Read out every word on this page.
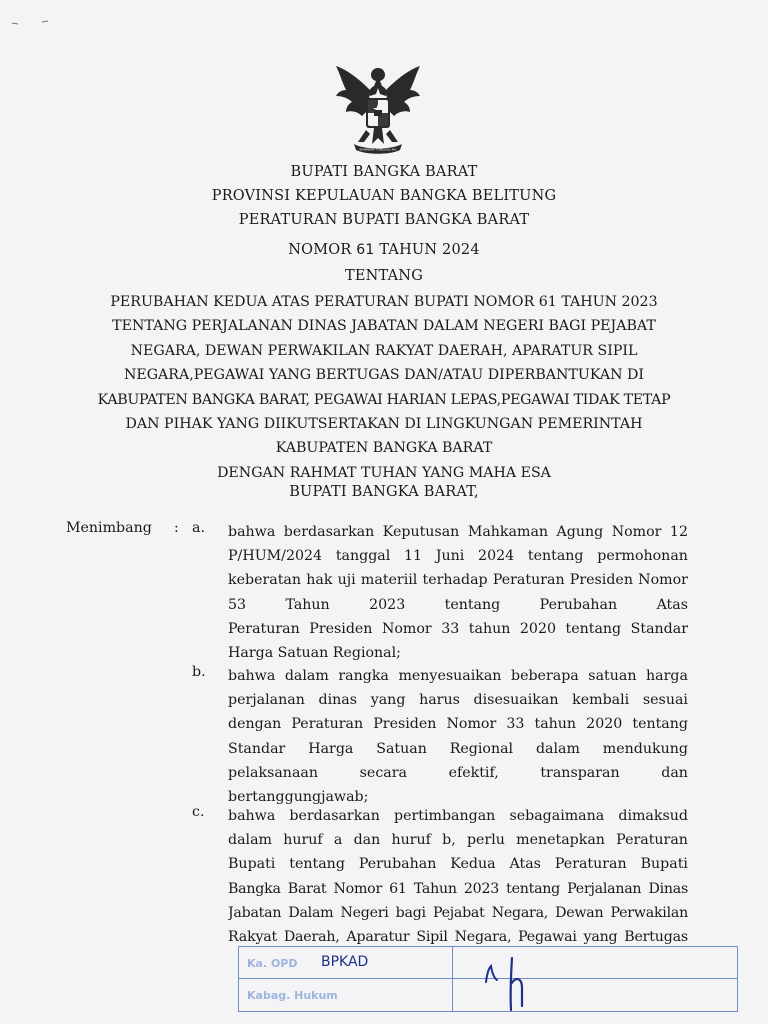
BHINNEKA TUNGGAL IKA
BUPATI BANGKA BARAT
PROVINSI KEPULAUAN BANGKA BELITUNG
PERATURAN BUPATI BANGKA BARAT
NOMOR 61 TAHUN 2024
TENTANG
PERUBAHAN KEDUA ATAS PERATURAN BUPATI NOMOR 61 TAHUN 2023
TENTANG PERJALANAN DINAS JABATAN DALAM NEGERI BAGI PEJABAT
NEGARA, DEWAN PERWAKILAN RAKYAT DAERAH, APARATUR SIPIL
NEGARA,PEGAWAI YANG BERTUGAS DAN/ATAU DIPERBANTUKAN DI
KABUPATEN BANGKA BARAT, PEGAWAI HARIAN LEPAS,PEGAWAI TIDAK TETAP
DAN PIHAK YANG DIIKUTSERTAKAN DI LINGKUNGAN PEMERINTAH
KABUPATEN BANGKA BARAT
DENGAN RAHMAT TUHAN YANG MAHA ESA
BUPATI BANGKA BARAT,
Menimbang : a. bahwa berdasarkan Keputusan Mahkaman Agung Nomor 12
P/HUM/2024 tanggal 11 Juni 2024 tentang permohonan
keberatan hak uji materiil terhadap Peraturan Presiden Nomor
53	Tahun	2023	tentang	Perubahan	Atas
Peraturan Presiden Nomor 33 tahun 2020 tentang Standar
Harga Satuan Regional;
b. bahwa dalam rangka menyesuaikan beberapa satuan harga
perjalanan dinas yang harus disesuaikan kembali sesuai
dengan Peraturan Presiden Nomor 33 tahun 2020 tentang
Standar Harga Satuan Regional dalam mendukung
pelaksanaan	secara	efektif,	transparan	dan
bertanggungjawab;
c. bahwa berdasarkan pertimbangan sebagaimana dimaksud
dalam huruf a dan huruf b, perlu menetapkan Peraturan
Bupati tentang Perubahan Kedua Atas Peraturan Bupati
Bangka Barat Nomor 61 Tahun 2023 tentang Perjalanan Dinas
Jabatan Dalam Negeri bagi Pejabat Negara, Dewan Perwakilan
Rakyat Daerah, Aparatur Sipil Negara, Pegawai yang Bertugas
Ka. OPD BPKAD
Kabag. Hukum
